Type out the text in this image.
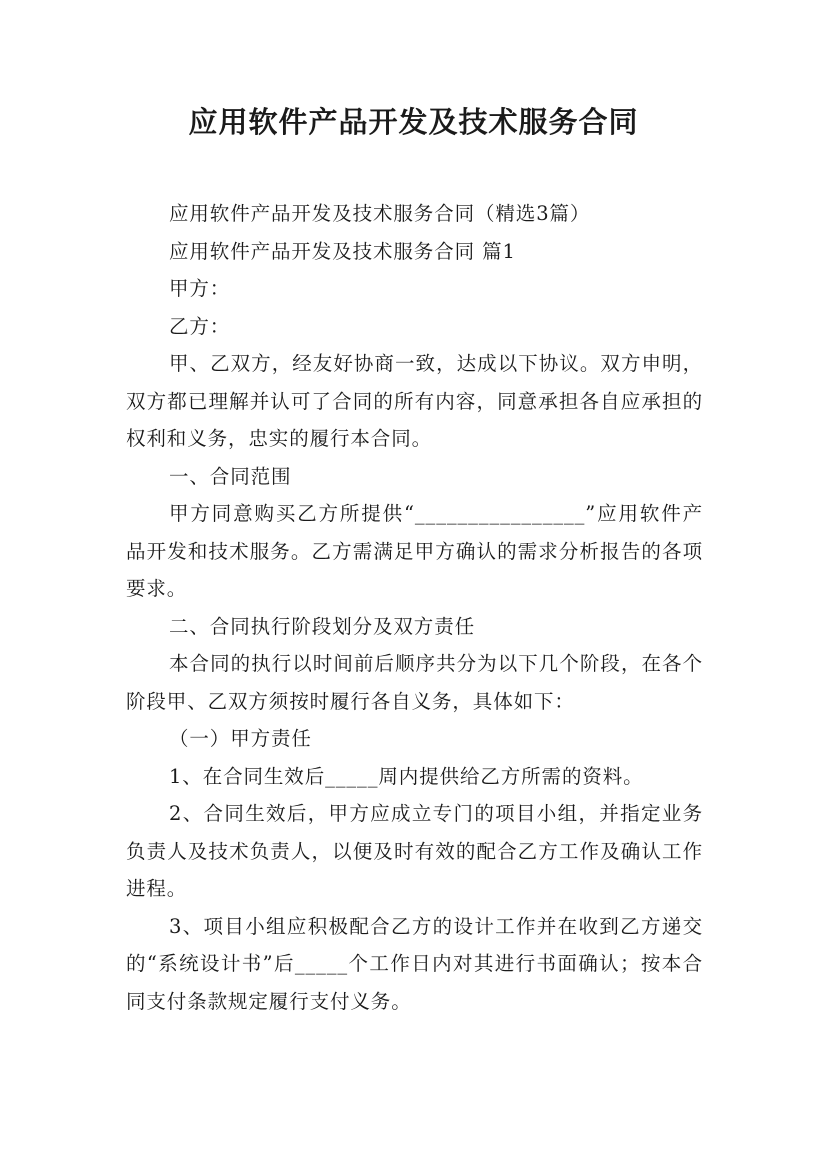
应用软件产品开发及技术服务合同

应用软件产品开发及技术服务合同（精选3篇）

应用软件产品开发及技术服务合同 篇1

甲方：

乙方：

甲、乙双方，经友好协商一致，达成以下协议。双方申明，双方都已理解并认可了合同的所有内容，同意承担各自应承担的权利和义务，忠实的履行本合同。

一、合同范围

甲方同意购买乙方所提供“________________”应用软件产品开发和技术服务。乙方需满足甲方确认的需求分析报告的各项要求。

二、合同执行阶段划分及双方责任

本合同的执行以时间前后顺序共分为以下几个阶段，在各个阶段甲、乙双方须按时履行各自义务，具体如下：

（一）甲方责任

1、在合同生效后_____周内提供给乙方所需的资料。

2、合同生效后，甲方应成立专门的项目小组，并指定业务负责人及技术负责人，以便及时有效的配合乙方工作及确认工作进程。

3、项目小组应积极配合乙方的设计工作并在收到乙方递交的“系统设计书”后_____个工作日内对其进行书面确认；按本合同支付条款规定履行支付义务。
